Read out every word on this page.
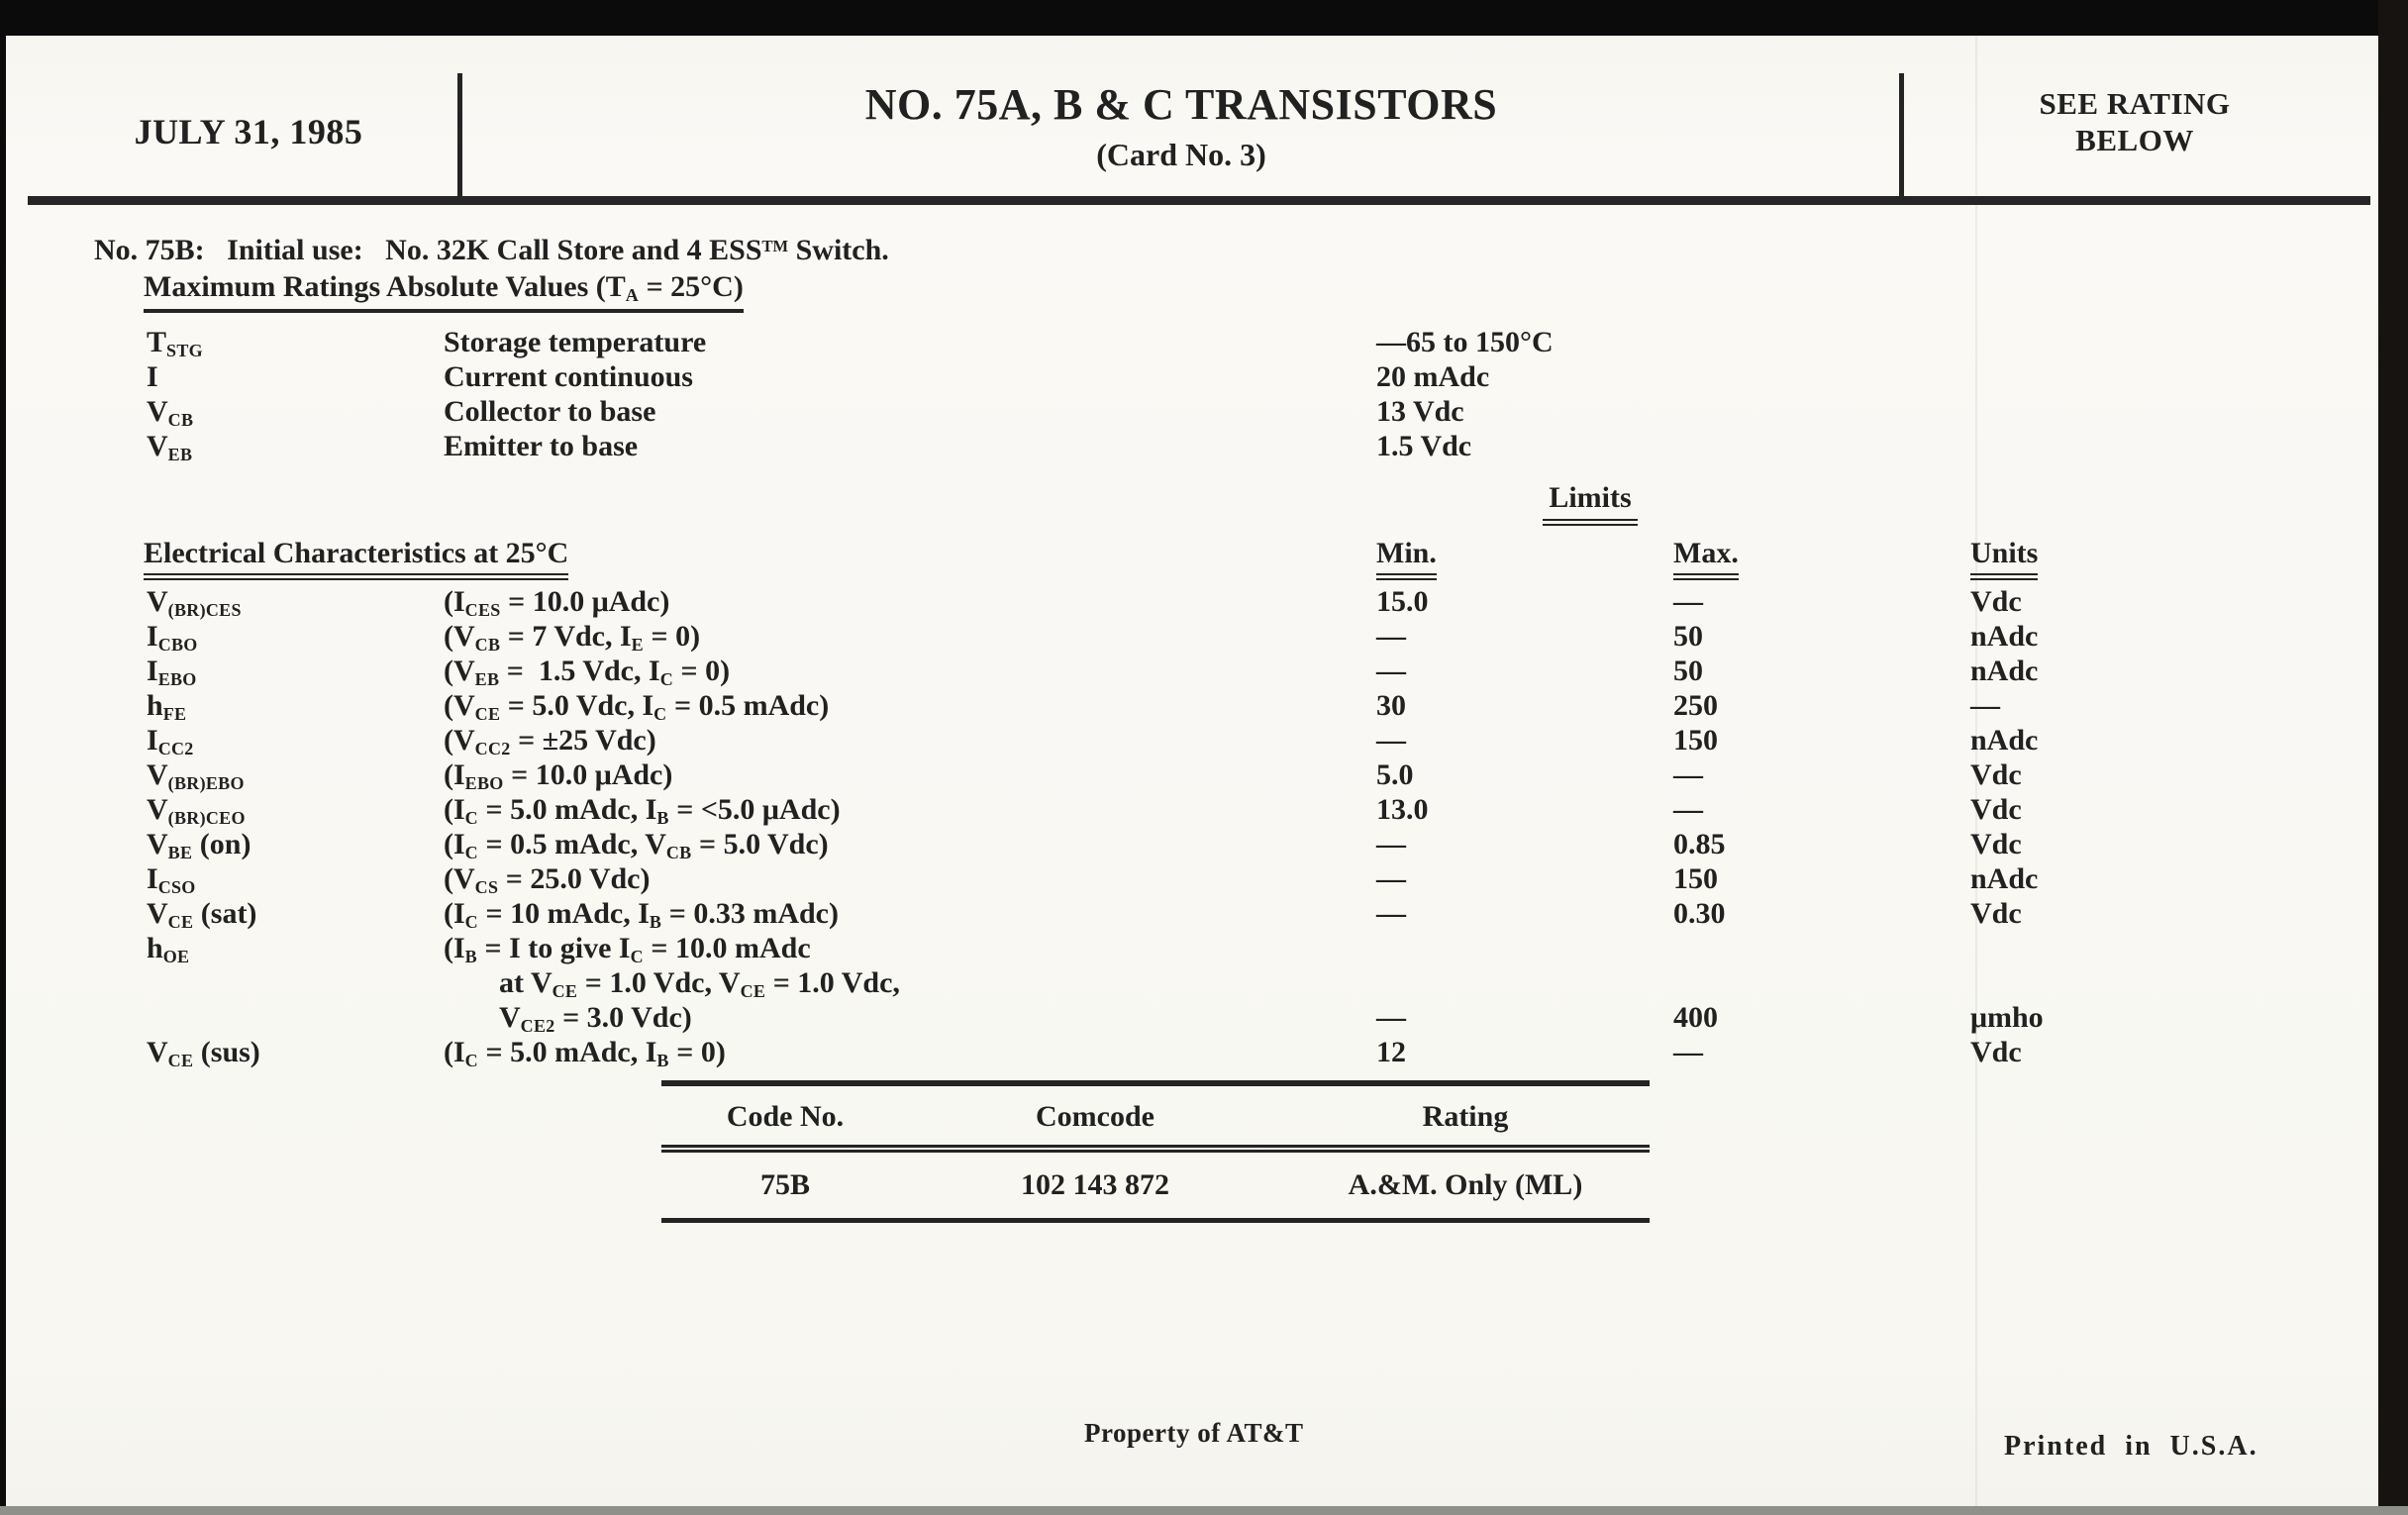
JULY 31, 1985
NO. 75A, B & C TRANSISTORS
(Card No. 3)
SEE RATING
BELOW
No. 75B:   Initial use:   No. 32K Call Store and 4 ESS™ Switch.
Maximum Ratings Absolute Values $(T_A = 25^\circ C)$
$T_{STG}$	Storage temperature	—65 to 150°C
I	Current continuous	20 mAdc
$V_{CB}$	Collector to base	13 Vdc
$V_{EB}$	Emitter to base	1.5 Vdc
Limits
Electrical Characteristics at 25°C	Min.	Max.	Units
$V_{(BR)CES}$	($I_{CES} = 10.0$ μAdc)	15.0	—	Vdc
$I_{CBO}$	($V_{CB} = 7$ Vdc, $I_E = 0$)	—	50	nAdc
$I_{EBO}$	($V_{EB} = 1.5$ Vdc, $I_C = 0$)	—	50	nAdc
$h_{FE}$	($V_{CE} = 5.0$ Vdc, $I_C = 0.5$ mAdc)	30	250	—
$I_{CC2}$	($V_{CC2} = \pm 25$ Vdc)	—	150	nAdc
$V_{(BR)EBO}$	($I_{EBO} = 10.0$ μAdc)	5.0	—	Vdc
$V_{(BR)CEO}$	($I_C = 5.0$ mAdc, $I_B = <5.0$ μAdc)	13.0	—	Vdc
$V_{BE}$ (on)	($I_C = 0.5$ mAdc, $V_{CB} = 5.0$ Vdc)	—	0.85	Vdc
$I_{CSO}$	($V_{CS} = 25.0$ Vdc)	—	150	nAdc
$V_{CE}$ (sat)	($I_C = 10$ mAdc, $I_B = 0.33$ mAdc)	—	0.30	Vdc
$h_{OE}$	($I_B = I$ to give $I_C = 10.0$ mAdc
at $V_{CE} = 1.0$ Vdc, $V_{CE} = 1.0$ Vdc,
$V_{CE2} = 3.0$ Vdc)	—	400	μmho
$V_{CE}$ (sus)	($I_C = 5.0$ mAdc, $I_B = 0$)	12	—	Vdc
Code No.	Comcode	Rating
75B	102 143 872	A.&M. Only (ML)
Property of AT&T	Printed  in  U.S.A.
